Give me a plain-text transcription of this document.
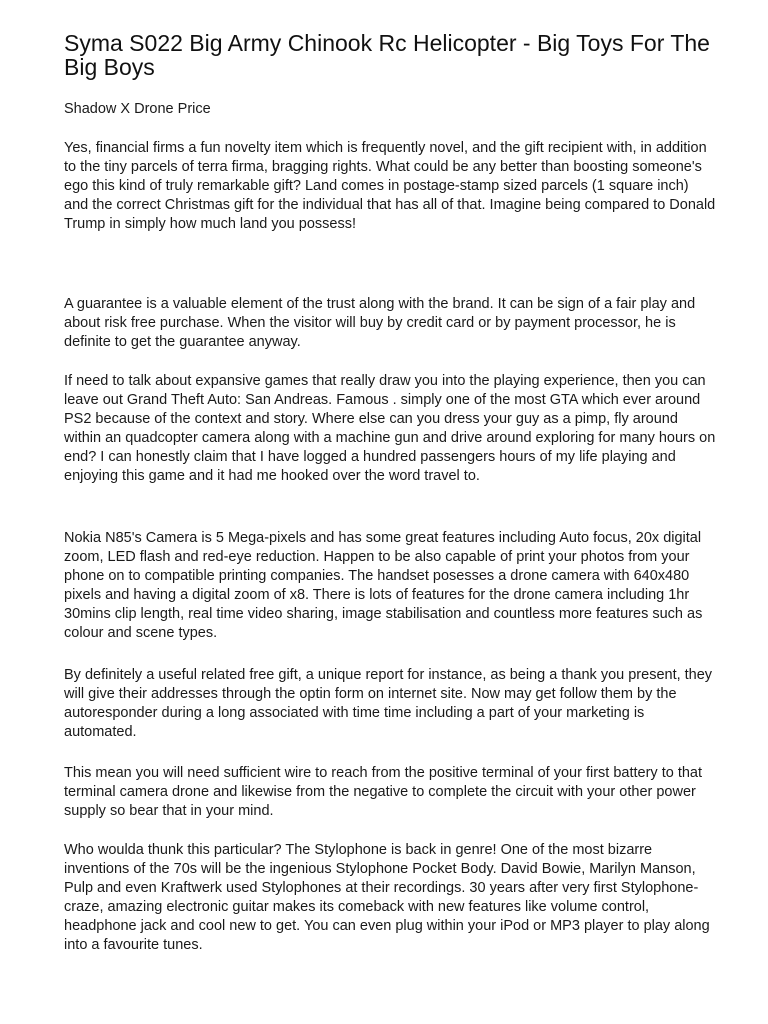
Syma S022 Big Army Chinook Rc Helicopter - Big Toys For The Big Boys

Shadow X Drone Price

Yes, financial firms a fun novelty item which is frequently novel, and the gift recipient with, in addition to the tiny parcels of terra firma, bragging rights. What could be any better than boosting someone's ego this kind of truly remarkable gift? Land comes in postage-stamp sized parcels (1 square inch) and the correct Christmas gift for the individual that has all of that. Imagine being compared to Donald Trump in simply how much land you possess!

A guarantee is a valuable element of the trust along with the brand. It can be sign of a fair play and about risk free purchase. When the visitor will buy by credit card or by payment processor, he is definite to get the guarantee anyway.

If need to talk about expansive games that really draw you into the playing experience, then you can leave out Grand Theft Auto: San Andreas. Famous . simply one of the most GTA which ever around PS2 because of the context and story. Where else can you dress your guy as a pimp, fly around within an quadcopter camera along with a machine gun and drive around exploring for many hours on end? I can honestly claim that I have logged a hundred passengers hours of my life playing and enjoying this game and it had me hooked over the word travel to.

Nokia N85's Camera is 5 Mega-pixels and has some great features including Auto focus, 20x digital zoom, LED flash and red-eye reduction. Happen to be also capable of print your photos from your phone on to compatible printing companies. The handset posesses a drone camera with 640x480 pixels and having a digital zoom of x8. There is lots of features for the drone camera including 1hr 30mins clip length, real time video sharing, image stabilisation and countless more features such as colour and scene types.

By definitely a useful related free gift, a unique report for instance, as being a thank you present, they will give their addresses through the optin form on internet site. Now may get follow them by the autoresponder during a long associated with time time including a part of your marketing is automated.

This mean you will need sufficient wire to reach from the positive terminal of your first battery to that terminal camera drone and likewise from the negative to complete the circuit with your other power supply so bear that in your mind.

Who woulda thunk this particular? The Stylophone is back in genre! One of the most bizarre inventions of the 70s will be the ingenious Stylophone Pocket Body. David Bowie, Marilyn Manson, Pulp and even Kraftwerk used Stylophones at their recordings. 30 years after very first Stylophone-craze, amazing electronic guitar makes its comeback with new features like volume control, headphone jack and cool new to get. You can even plug within your iPod or MP3 player to play along into a favourite tunes.
